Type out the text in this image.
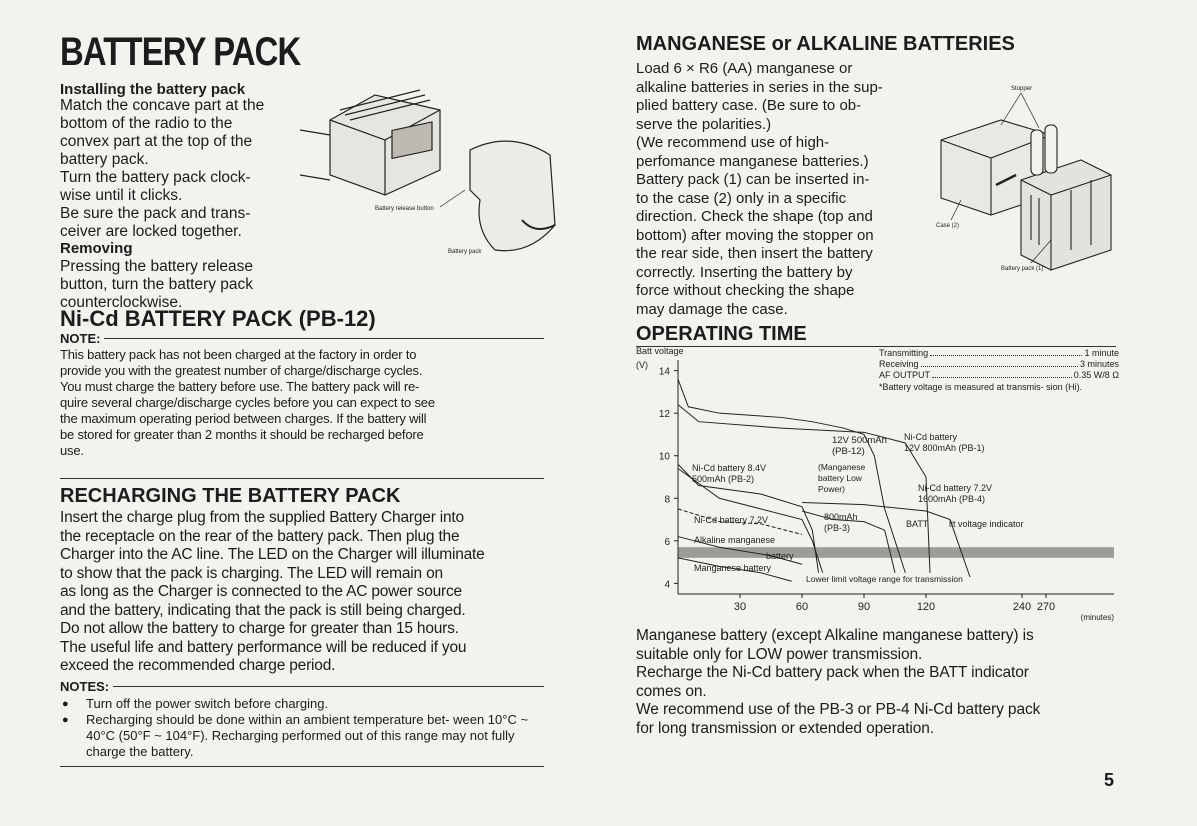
BATTERY PACK
Installing the battery pack
Match the concave part at the
bottom of the radio to the
convex part at the top of the
battery pack.
Turn the battery pack clock-
wise until it clicks.
Be sure the pack and trans-
ceiver are locked together.
Removing
Pressing the battery release
button, turn the battery pack
counterclockwise.
Battery release button
Battery pack
Ni-Cd BATTERY PACK (PB-12)
NOTE:
This battery pack has not been charged at the factory in order to
provide you with the greatest number of charge/discharge cycles.
You must charge the battery before use. The battery pack will re-
quire several charge/discharge cycles before you can expect to see
the maximum operating period between charges. If the battery will
be stored for greater than 2 months it should be recharged before
use.
RECHARGING THE BATTERY PACK
Insert the charge plug from the supplied Battery Charger into
the receptacle on the rear of the battery pack. Then plug the
Charger into the AC line. The LED on the Charger will illuminate
to show that the pack is charging. The LED will remain on
as long as the Charger is connected to the AC power source
and the battery, indicating that the pack is still being charged.
Do not allow the battery to charge for greater than 15 hours.
The useful life and battery performance will be reduced if you
exceed the recommended charge period.
NOTES:
● Turn off the power switch before charging.
● Recharging should be done within an ambient temperature bet- ween 10°C ~ 40°C (50°F ~ 104°F). Recharging performed out of this range may not fully charge the battery.
MANGANESE or ALKALINE BATTERIES
Load 6 × R6 (AA) manganese or
alkaline batteries in series in the sup-
plied battery case. (Be sure to ob-
serve the polarities.)
(We recommend use of high-
perfomance manganese batteries.)
Battery pack (1) can be inserted in-
to the case (2) only in a specific
direction. Check the shape (top and
bottom) after moving the stopper on
the rear side, then insert the battery
correctly. Inserting the battery by
force without checking the shape
may damage the case.
Stopper
Case (2)
Battery pack (1)
OPERATING TIME
Transmitting	1 minute
Receiving	3 minutes
AF OUTPUT	0.35 W/8 Ω
*Battery voltage is measured at transmis- sion (Hi).
Batt voltage
(V)
14
12
10
8
6
4
30	60	90	120	240 270
(minutes)
12V 500mAh
(PB-12)
Ni-Cd battery
12V 800mAh (PB-1)
Ni-Cd battery 8.4V
500mAh (PB-2)
(Manganese
battery Low
Power)	Ni-Cd battery 7.2V
1600mAh (PB-4)
Ni-Cd battery 7.2V	800mAh
(PB-3)	BATT lit voltage indicator
Alkaline manganese
battery
Manganese battery
Lower limit voltage range for transmission
Manganese battery (except Alkaline manganese battery) is
suitable only for LOW power transmission.
Recharge the Ni-Cd battery pack when the BATT indicator
comes on.
We recommend use of the PB-3 or PB-4 Ni-Cd battery pack
for long transmission or extended operation.
5
